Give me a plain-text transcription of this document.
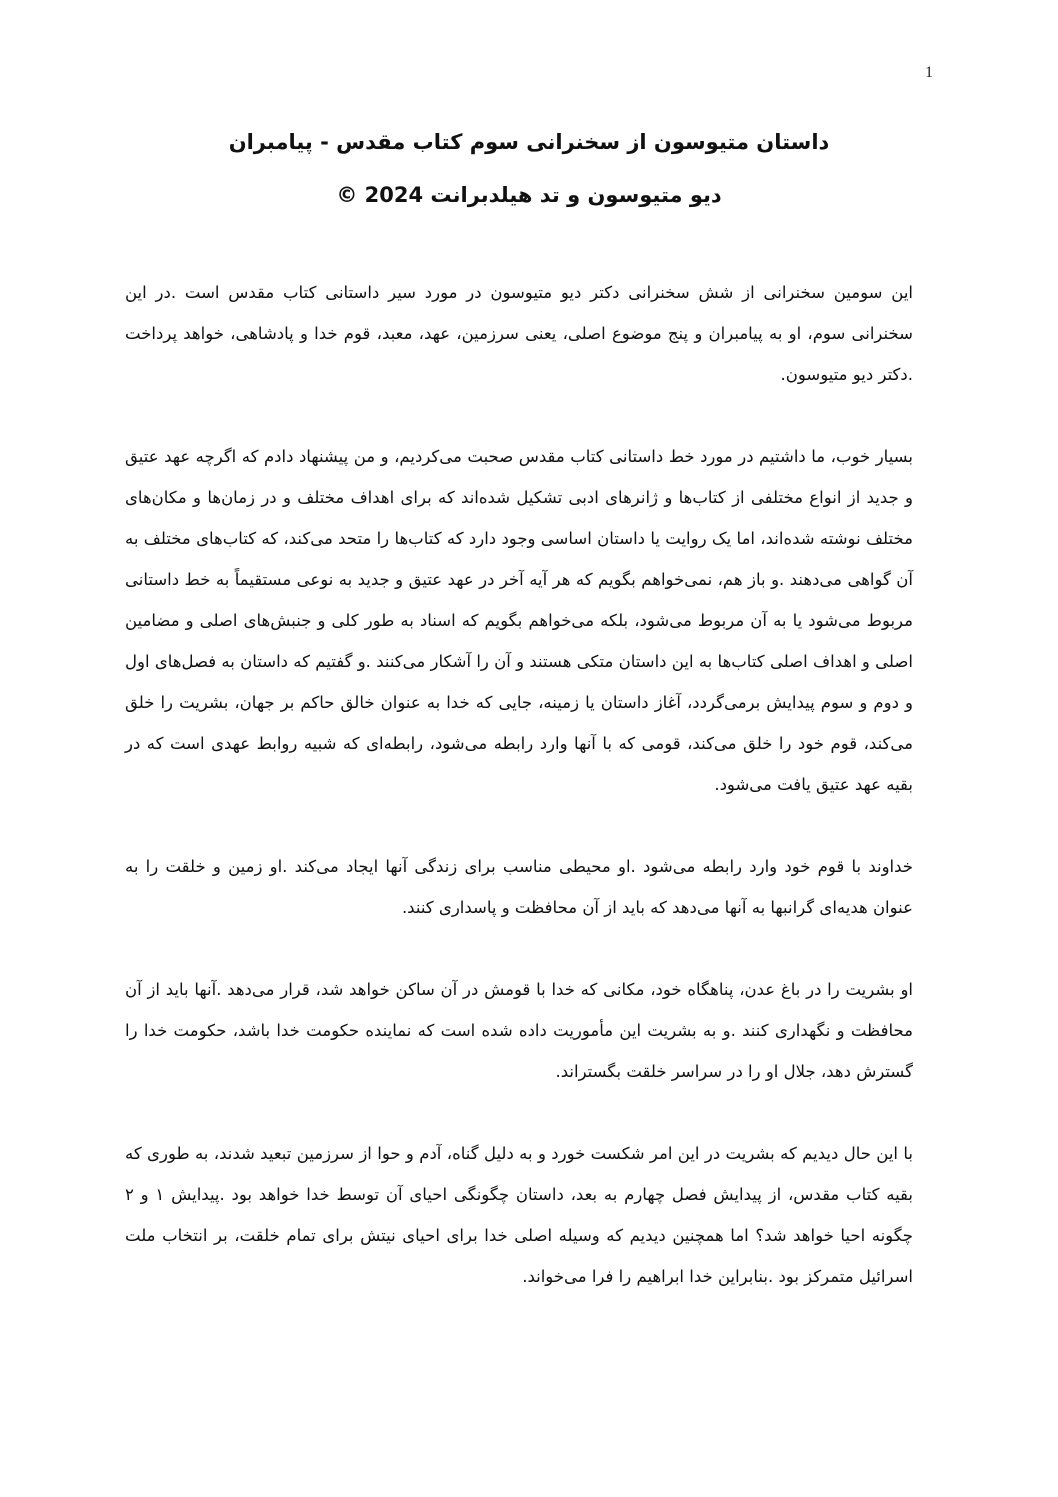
1
داستان متیوسون از سخنرانی سوم کتاب مقدس - پیامبران
دیو متیوسون و تد هیلدبرانت 2024 ©

این سومین سخنرانی از شش سخنرانی دکتر دیو متیوسون در مورد سیر داستانی کتاب مقدس است .در این سخنرانی سوم، او به پیامبران و پنج موضوع اصلی، یعنی سرزمین، عهد، معبد، قوم خدا و پادشاهی، خواهد پرداخت .دکتر دیو متیوسون.

بسیار خوب، ما داشتیم در مورد خط داستانی کتاب مقدس صحبت می‌کردیم، و من پیشنهاد دادم که اگرچه عهد عتیق و جدید از انواع مختلفی از کتاب‌ها و ژانرهای ادبی تشکیل شده‌اند که برای اهداف مختلف و در زمان‌ها و مکان‌های مختلف نوشته شده‌اند، اما یک روایت یا داستان اساسی وجود دارد که کتاب‌ها را متحد می‌کند، که کتاب‌های مختلف به آن گواهی می‌دهند .و باز هم، نمی‌خواهم بگویم که هر آیه آخر در عهد عتیق و جدید به نوعی مستقیماً به خط داستانی مربوط می‌شود یا به آن مربوط می‌شود، بلکه می‌خواهم بگویم که اسناد به طور کلی و جنبش‌های اصلی و مضامین اصلی و اهداف اصلی کتاب‌ها به این داستان متکی هستند و آن را آشکار می‌کنند .و گفتیم که داستان به فصل‌های اول و دوم و سوم پیدایش برمی‌گردد، آغاز داستان یا زمینه، جایی که خدا به عنوان خالق حاکم بر جهان، بشریت را خلق می‌کند، قوم خود را خلق می‌کند، قومی که با آنها وارد رابطه می‌شود، رابطه‌ای که شبیه روابط عهدی است که در بقیه عهد عتیق یافت می‌شود.

خداوند با قوم خود وارد رابطه می‌شود .او محیطی مناسب برای زندگی آنها ایجاد می‌کند .او زمین و خلقت را به عنوان هدیه‌ای گرانبها به آنها می‌دهد که باید از آن محافظت و پاسداری کنند.

او بشریت را در باغ عدن، پناهگاه خود، مکانی که خدا با قومش در آن ساکن خواهد شد، قرار می‌دهد .آنها باید از آن محافظت و نگهداری کنند .و به بشریت این مأموریت داده شده است که نماینده حکومت خدا باشد، حکومت خدا را گسترش دهد، جلال او را در سراسر خلقت بگستراند.

با این حال دیدیم که بشریت در این امر شکست خورد و به دلیل گناه، آدم و حوا از سرزمین تبعید شدند، به طوری که بقیه کتاب مقدس، از پیدایش فصل چهارم به بعد، داستان چگونگی احیای آن توسط خدا خواهد بود .پیدایش ۱ و ۲ چگونه احیا خواهد شد؟ اما همچنین دیدیم که وسیله اصلی خدا برای احیای نیتش برای تمام خلقت، بر انتخاب ملت اسرائیل متمرکز بود .بنابراین خدا ابراهیم را فرا می‌خواند.
